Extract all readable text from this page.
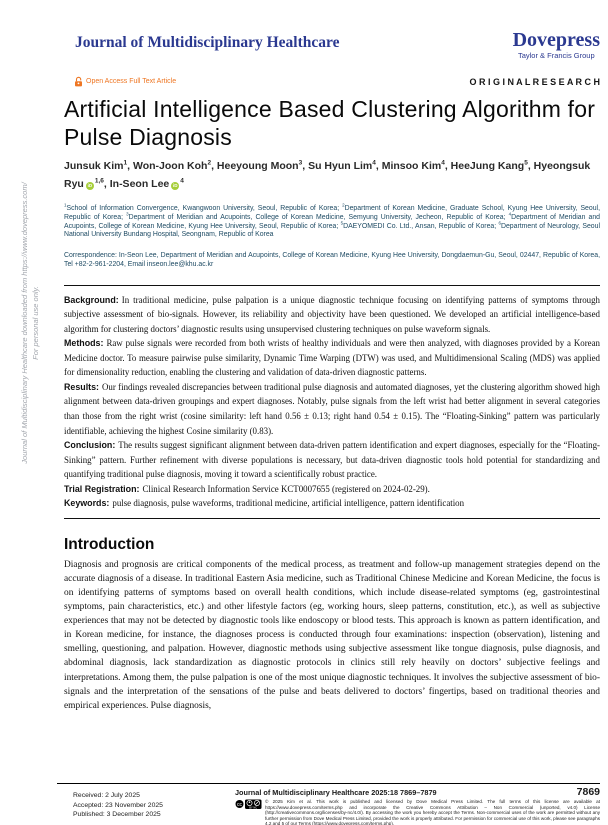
Journal of Multidisciplinary Healthcare downloaded from https://www.dovepress.com/ For personal use only.
Journal of Multidisciplinary Healthcare	Dovepress
Taylor & Francis Group
Open Access Full Text Article	O R I G I N A L R E S E A R C H
Artificial Intelligence Based Clustering Algorithm for Pulse Diagnosis
Junsuk Kim$^1$, Won-Joon Koh$^2$, Heeyoung Moon$^3$, Su Hyun Lim$^4$, Minsoo Kim$^4$, HeeJung Kang$^5$, Hyeongsuk RyuiD $^{1,6}$, In-Seon LeeiD $^4$

$^1$School of Information Convergence, Kwangwoon University, Seoul, Republic of Korea; $^2$Department of Korean Medicine, Graduate School, Kyung Hee University, Seoul, Republic of Korea; $^3$Department of Meridian and Acupoints, College of Korean Medicine, Semyung University, Jecheon, Republic of Korea; $^4$Department of Meridian and Acupoints, College of Korean Medicine, Kyung Hee University, Seoul, Republic of Korea; $^5$DAEYOMEDI Co. Ltd., Ansan, Republic of Korea; $^6$Department of Neurology, Seoul National University Bundang Hospital, Seongnam, Republic of Korea

Correspondence: In-Seon Lee, Department of Meridian and Acupoints, College of Korean Medicine, Kyung Hee University, Dongdaemun-Gu, Seoul, 02447, Republic of Korea, Tel +82-2-961-2204, Email inseon.lee@khu.ac.kr

Background: In traditional medicine, pulse palpation is a unique diagnostic technique focusing on identifying patterns of symptoms through subjective assessment of bio-signals. However, its reliability and objectivity have been questioned. We developed an artificial intelligence-based algorithm for clustering doctors’ diagnostic results using unsupervised clustering techniques on pulse waveform signals.

Methods: Raw pulse signals were recorded from both wrists of healthy individuals and were then analyzed, with diagnoses provided by a Korean Medicine doctor. To measure pairwise pulse similarity, Dynamic Time Warping (DTW) was used, and Multidimensional Scaling (MDS) was applied for dimensionality reduction, enabling the clustering and validation of data-driven diagnostic patterns.

Results: Our findings revealed discrepancies between traditional pulse diagnosis and automated diagnoses, yet the clustering algorithm showed high alignment between data-driven groupings and expert diagnoses. Notably, pulse signals from the left wrist had better alignment in several categories than those from the right wrist (cosine similarity: left hand 0.56 ± 0.13; right hand 0.54 ± 0.15). The “Floating-Sinking” pattern was particularly identifiable, achieving the highest Cosine similarity (0.83).

Conclusion: The results suggest significant alignment between data-driven pattern identification and expert diagnoses, especially for the “Floating-Sinking” pattern. Further refinement with diverse populations is necessary, but data-driven diagnostic tools hold potential for standardizing and quantifying traditional pulse diagnosis, moving it toward a scientifically robust practice.

Trial Registration: Clinical Research Information Service KCT0007655 (registered on 2024-02-29).

Keywords: pulse diagnosis, pulse waveforms, traditional medicine, artificial intelligence, pattern identification

Introduction

Diagnosis and prognosis are critical components of the medical process, as treatment and follow-up management strategies depend on the accurate diagnosis of a disease. In traditional Eastern Asia medicine, such as Traditional Chinese Medicine and Korean Medicine, the focus is on identifying patterns of symptoms based on overall health conditions, which include disease-related symptoms (eg, gastrointestinal symptoms, pain characteristics, etc.) and other lifestyle factors (eg, working hours, sleep patterns, constitution, etc.), as well as subjective experiences that may not be detected by diagnostic tools like endoscopy or blood tests. This approach is known as pattern identification, and in Korean medicine, for instance, the diagnoses process is conducted through four examinations: inspection (observation), listening and smelling, questioning, and palpation. However, diagnostic methods using subjective assessment like tongue diagnosis, pulse diagnosis, and abdominal diagnosis, lack standardization as diagnostic protocols in clinics still rely heavily on doctors’ subjective feelings and interpretations. Among them, the pulse palpation is one of the most unique diagnostic techniques. It involves the subjective assessment of bio-signals and the interpretation of the sensations of the pulse and beats delivered to doctors’ fingertips, based on traditional theories and empirical experiences. Pulse diagnosis,

Received: 2 July 2025
Accepted: 23 November 2025
Published: 3 December 2025
Journal of Multidisciplinary Healthcare 2025:18 7869–7879	7869
cc
BY NC
© 2025 Kim et al. This work is published and licensed by Dove Medical Press Limited. The full terms of this license are available at https://www.dovepress.com/terms.php and incorporate the Creative Commons Attribution – Non Commercial (unported, v4.0) License (http://creativecommons.org/licenses/by-nc/4.0/). By accessing the work you hereby accept the Terms. Non-commercial uses of the work are permitted without any further permission from Dove Medical Press Limited, provided the work is properly attributed. For permission for commercial use of this work, please see paragraphs 4.2 and 5 of our Terms (https://www.dovepress.com/terms.php).
